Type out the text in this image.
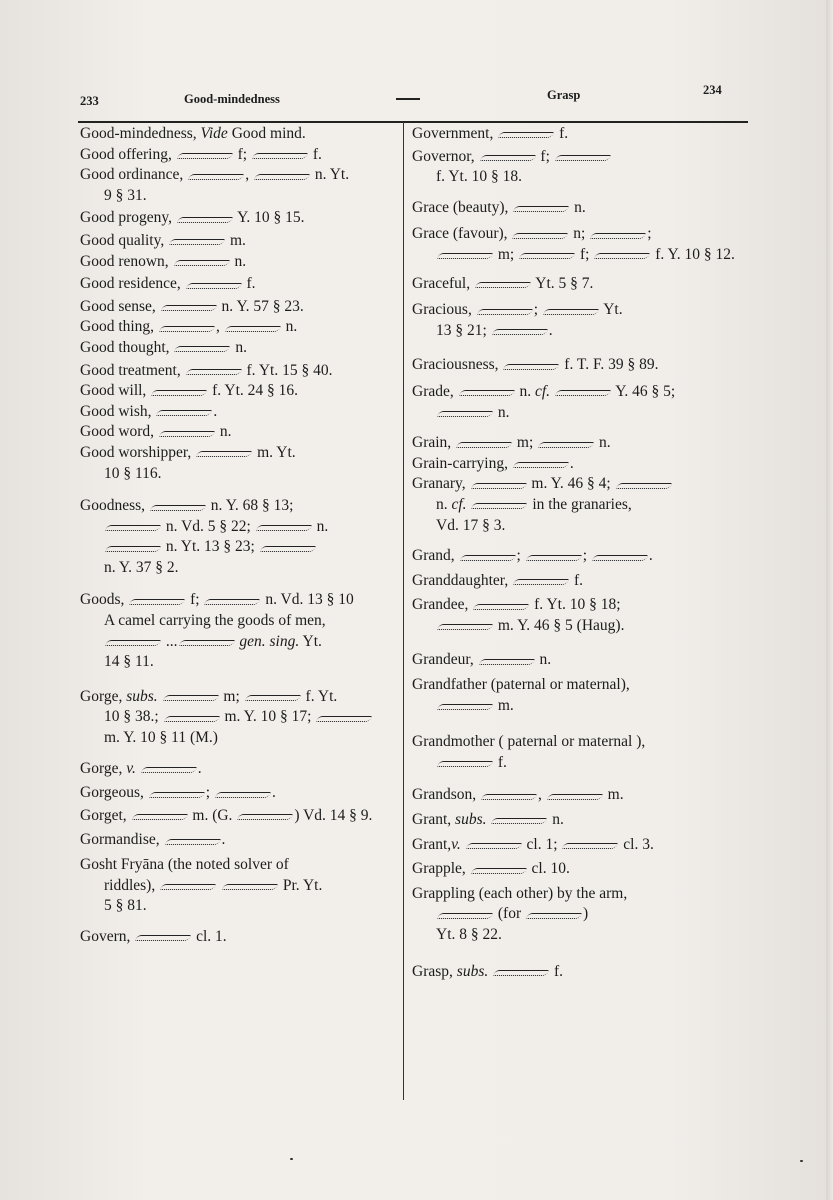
233	Good-mindedness	Grasp	234
Good-mindedness, Vide Good mind.
Good offering,	f;	f.
Good ordinance,	,	n. Yt.
9 § 31.
Good progeny,	Y. 10 § 15.
Good quality,	m.
Good renown,	n.
Good residence,	f.
Good sense,	n. Y. 57 § 23.
Good thing,	,	n.
Good thought,	n.
Good treatment,	f. Yt. 15 § 40.
Good will,	f. Yt. 24 § 16.
Good wish,	.
Good word,	n.
Good worshipper,	m. Yt.
10 § 116.
Goodness,	n. Y. 68 § 13;
n. Vd. 5 § 22;	n.
n. Yt. 13 § 23;
n. Y. 37 § 2.
Goods,	f;	n. Vd. 13 § 10
A camel carrying the goods of men,
...	gen. sing. Yt.
14 § 11.
Gorge, subs.	m;	f. Yt.
10 § 38.;	m. Y. 10 § 17;
m. Y. 10 § 11 (M.)
Gorge, v.	.
Gorgeous,	;	.
Gorget,	m. (G.	) Vd. 14 § 9.
Gormandise,	.
Gosht Fryāna (the noted solver of
riddles),	Pr. Yt.
5 § 81.
Govern,	cl. 1.
Government,	f.
Governor,	f;
f. Yt. 10 § 18.
Grace (beauty),	n.
Grace (favour),	n;	;
m;	f;	f. Y. 10 § 12.
Graceful,	Yt. 5 § 7.
Gracious,	;	Yt.
13 § 21;	.
Graciousness,	f. T. F. 39 § 89.
Grade,	n. cf.	Y. 46 § 5;
n.
Grain,	m;	n.
Grain-carrying,	.
Granary,	m. Y. 46 § 4;
n. cf.	in the granaries,
Vd. 17 § 3.
Grand,	;	;	.
Granddaughter,	f.
Grandee,	f. Yt. 10 § 18;
m. Y. 46 § 5 (Haug).
Grandeur,	n.
Grandfather (paternal or maternal),
m.
Grandmother ( paternal or maternal ),
f.
Grandson,	,	m.
Grant, subs.	n.
Grant,v.	cl. 1;	cl. 3.
Grapple,	cl. 10.
Grappling (each other) by the arm,
(for	)
Yt. 8 § 22.
Grasp, subs.	f.
